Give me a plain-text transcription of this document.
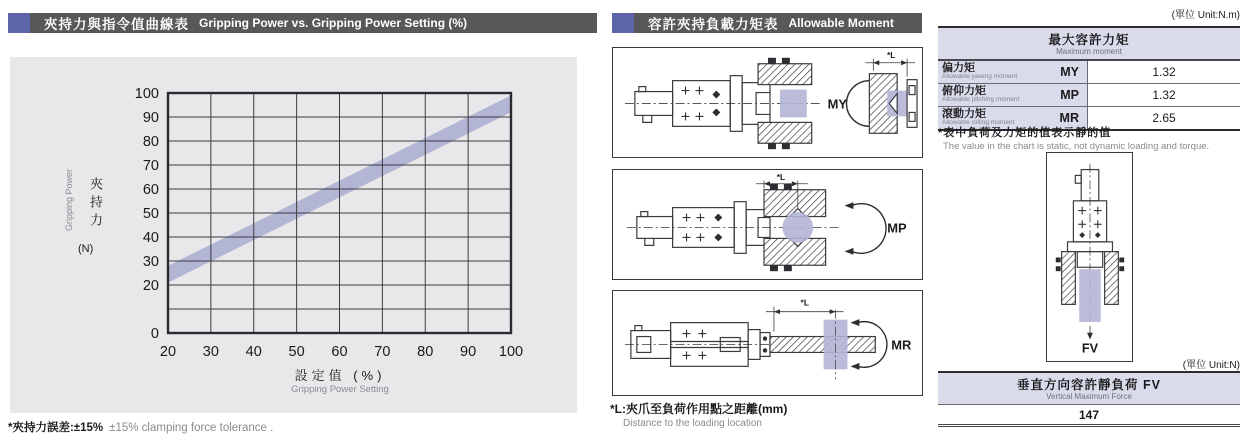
夾持力與指令值曲線表 Gripping Power vs. Gripping Power Setting (%)
Gripping Power 夾持力
(N)
100
90
80
70
60
50
40
30
20
0
20 30 40 50 60 70 80 90 100
設定值 (%)
Gripping Power Setting
*夾持力誤差:±15% ±15% clamping force tolerance .
容許夾持負載力矩表 Allowable Moment
MY
*L
*L
MP
*L
MR
*L:夾爪至負荷作用點之距離(mm)
Distance to the loading location
(單位 Unit:N.m)
最大容許力矩
Maximum moment
偏力矩
Allowable yawing moment	MY	1.32
俯仰力矩
Allowable pitching moment	MP	1.32
滾動力矩
Allowable rolling moment	MR	2.65
*表中負荷及力矩的值表示靜的值
The value in the chart is static, not dynamic loading and torque.
FV
(單位 Unit:N)
垂直方向容許靜負荷 FV
Vertical Maximum Force
147
